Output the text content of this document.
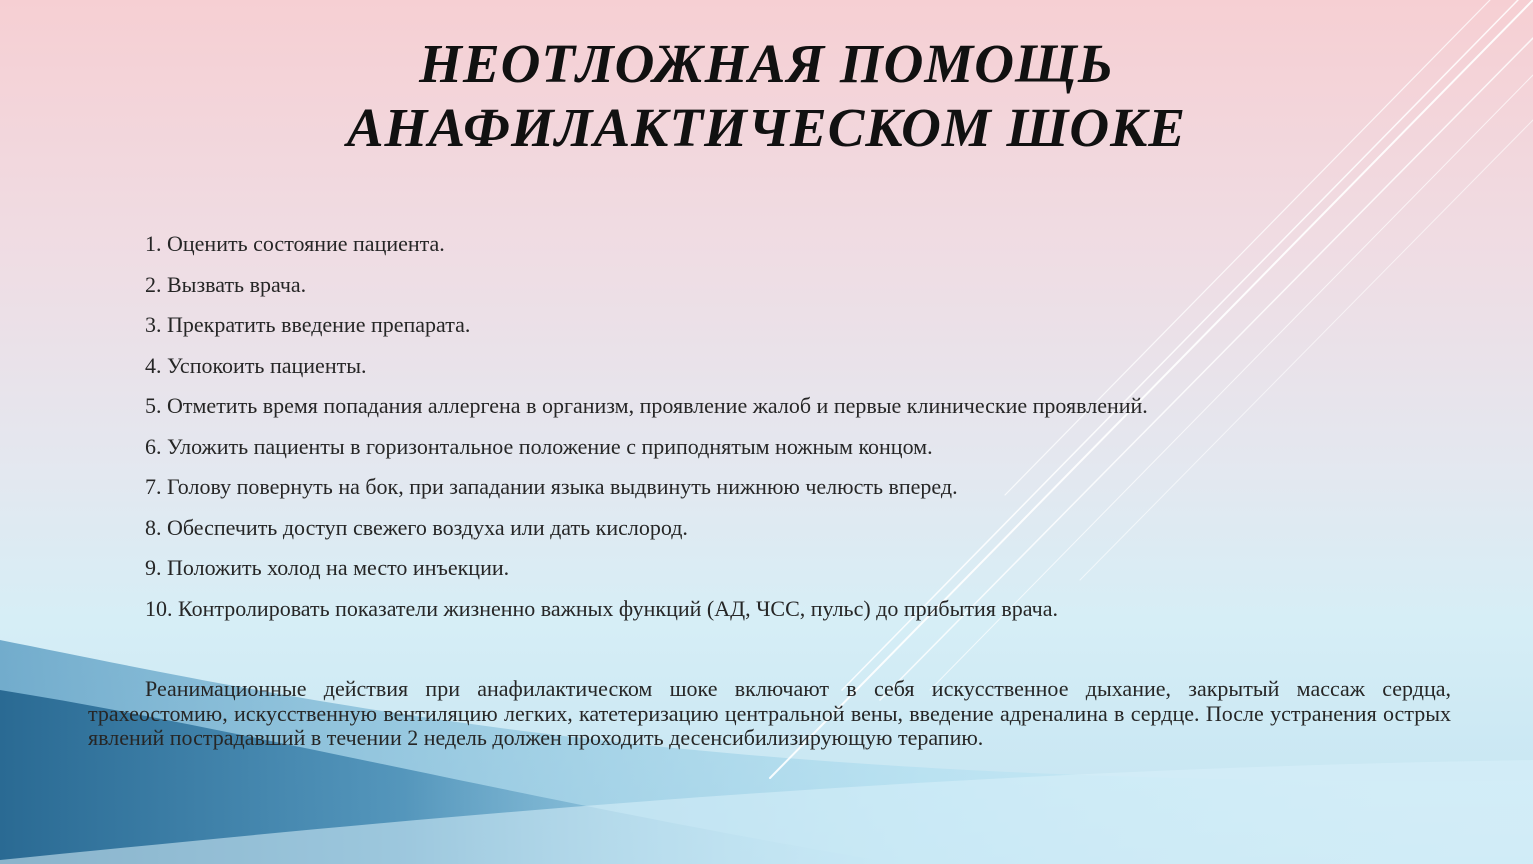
НЕОТЛОЖНАЯ ПОМОЩЬ
АНАФИЛАКТИЧЕСКОМ ШОКЕ
1. Оценить состояние пациента.
2. Вызвать врача.
3. Прекратить введение препарата.
4. Успокоить пациенты.
5. Отметить время попадания аллергена в организм, проявление жалоб и первые клинические проявлений.
6. Уложить пациенты в горизонтальное положение с приподнятым ножным концом.
7. Голову повернуть на бок, при западании языка выдвинуть нижнюю челюсть вперед.
8. Обеспечить доступ свежего воздуха или дать кислород.
9. Положить холод на место инъекции.
10. Контролировать показатели жизненно важных функций (АД, ЧСС, пульс) до прибытия врача.

Реанимационные действия при анафилактическом шоке включают в себя искусственное дыхание, закрытый массаж сердца, трахеостомию, искусственную вентиляцию легких, катетеризацию центральной вены, введение адреналина в сердце. После устранения острых явлений пострадавший в течении 2 недель должен проходить десенсибилизирующую терапию.
